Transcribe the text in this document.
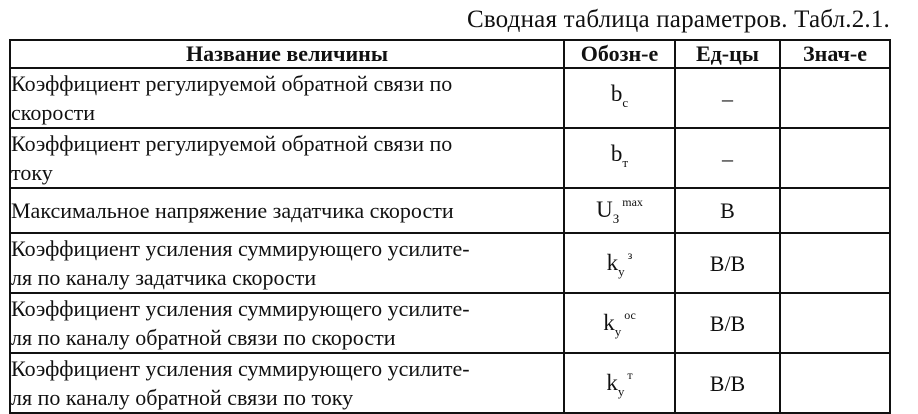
Сводная таблица параметров. Табл.2.1.
Название величины	Обозн-е	Ед-цы	Знач-е

Коэффициент регулируемой обратной связи по
скорости	$b_c$	–	

Коэффициент регулируемой обратной связи по
току	$b_т$	–	

Максимальное напряжение задатчика скорости	$U_З^{max}$	В	

Коэффициент усиления суммирующего усилите-
ля по каналу задатчика скорости	$k_у^з$	В/В	

Коэффициент усиления суммирующего усилите-
ля по каналу обратной связи по скорости	$k_у^{ос}$	В/В	

Коэффициент усиления суммирующего усилите-
ля по каналу обратной связи по току	$k_у^т$	В/В	
